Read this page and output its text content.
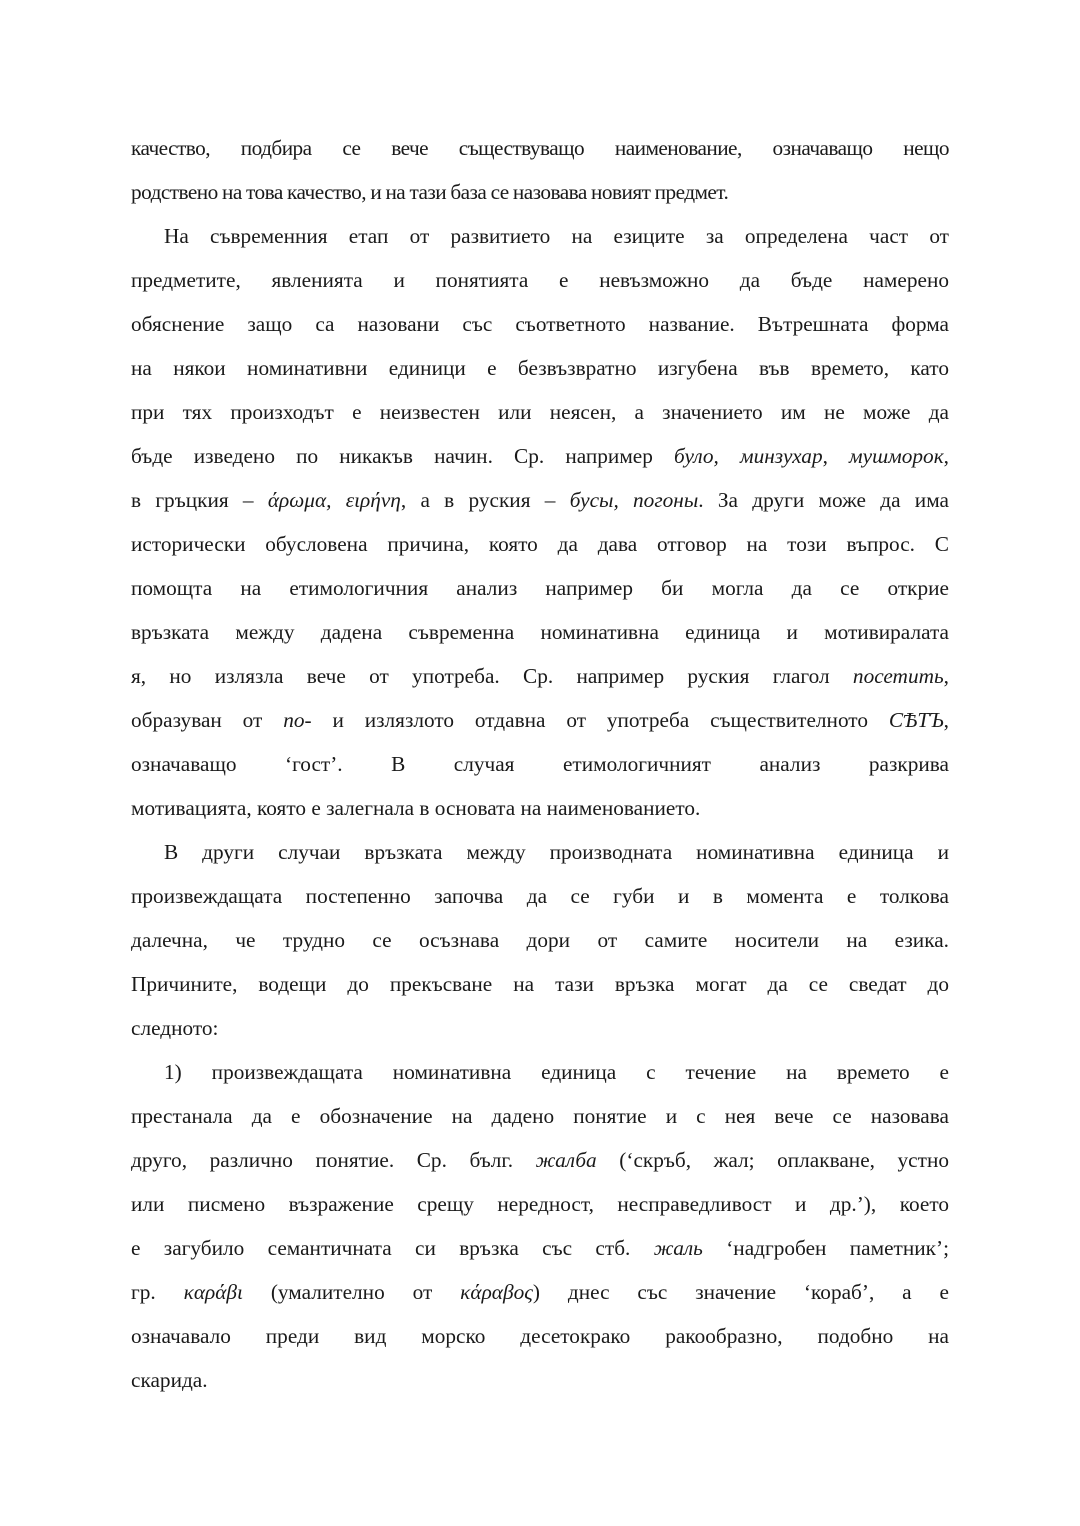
качество, подбира се вече съществуващо наименование, означаващо нещо
родствено на това качество, и на тази база се назовава новият предмет.
На съвременния етап от развитието на езиците за определена част от
предметите, явленията и понятията е невъзможно да бъде намерено
обяснение защо са назовани със съответното название. Вътрешната форма
на някои номинативни единици е безвъзвратно изгубена във времето, като
при тях произходът е неизвестен или неясен, а значението им не може да
бъде изведено по никакъв начин. Ср. например було, минзухар, мушморок,
в гръцкия – άρωμα, ειρήνη, а в руския – бусы, погоны. За други може да има
исторически обусловена причина, която да дава отговор на този въпрос. С
помощта на етимологичния анализ например би могла да се открие
връзката между дадена съвременна номинативна единица и мотивиралата
я, но излязла вече от употреба. Ср. например руския глагол посетить,
образуван от по- и излязлото отдавна от употреба съществителното СѢТЪ,
означаващо ‘гост’. В случая етимологичният анализ разкрива
мотивацията, която е залегнала в основата на наименованието.
В други случаи връзката между производната номинативна единица и
произвеждащата постепенно започва да се губи и в момента е толкова
далечна, че трудно се осъзнава дори от самите носители на езика.
Причините, водещи до прекъсване на тази връзка могат да се сведат до
следното:
1) произвеждащата номинативна единица с течение на времето е
престанала да е обозначение на дадено понятие и с нея вече се назовава
друго, различно понятие. Ср. бълг. жалба (‘скръб, жал; оплакване, устно
или писмено възражение срещу нередност, несправедливост и др.’), което
е загубило семантичната си връзка със стб. жаль ‘надгробен паметник’;
гр. καράβι (умалително от κάραβος) днес със значение ‘кораб’, а е
означавало преди вид морско десетокрако ракообразно, подобно на
скарида.
